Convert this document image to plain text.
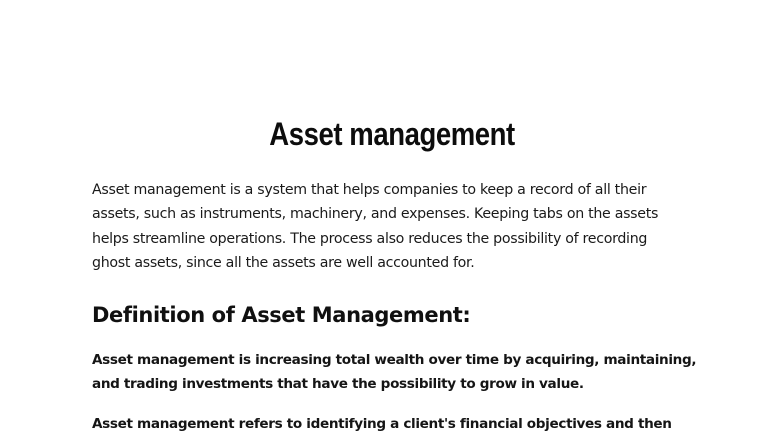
Asset management

Asset management is a system that helps companies to keep a record of all their
assets, such as instruments, machinery, and expenses. Keeping tabs on the assets
helps streamline operations. The process also reduces the possibility of recording
ghost assets, since all the assets are well accounted for.

Definition of Asset Management:

Asset management is increasing total wealth over time by acquiring, maintaining,
and trading investments that have the possibility to grow in value.

Asset management refers to identifying a client's financial objectives and then
